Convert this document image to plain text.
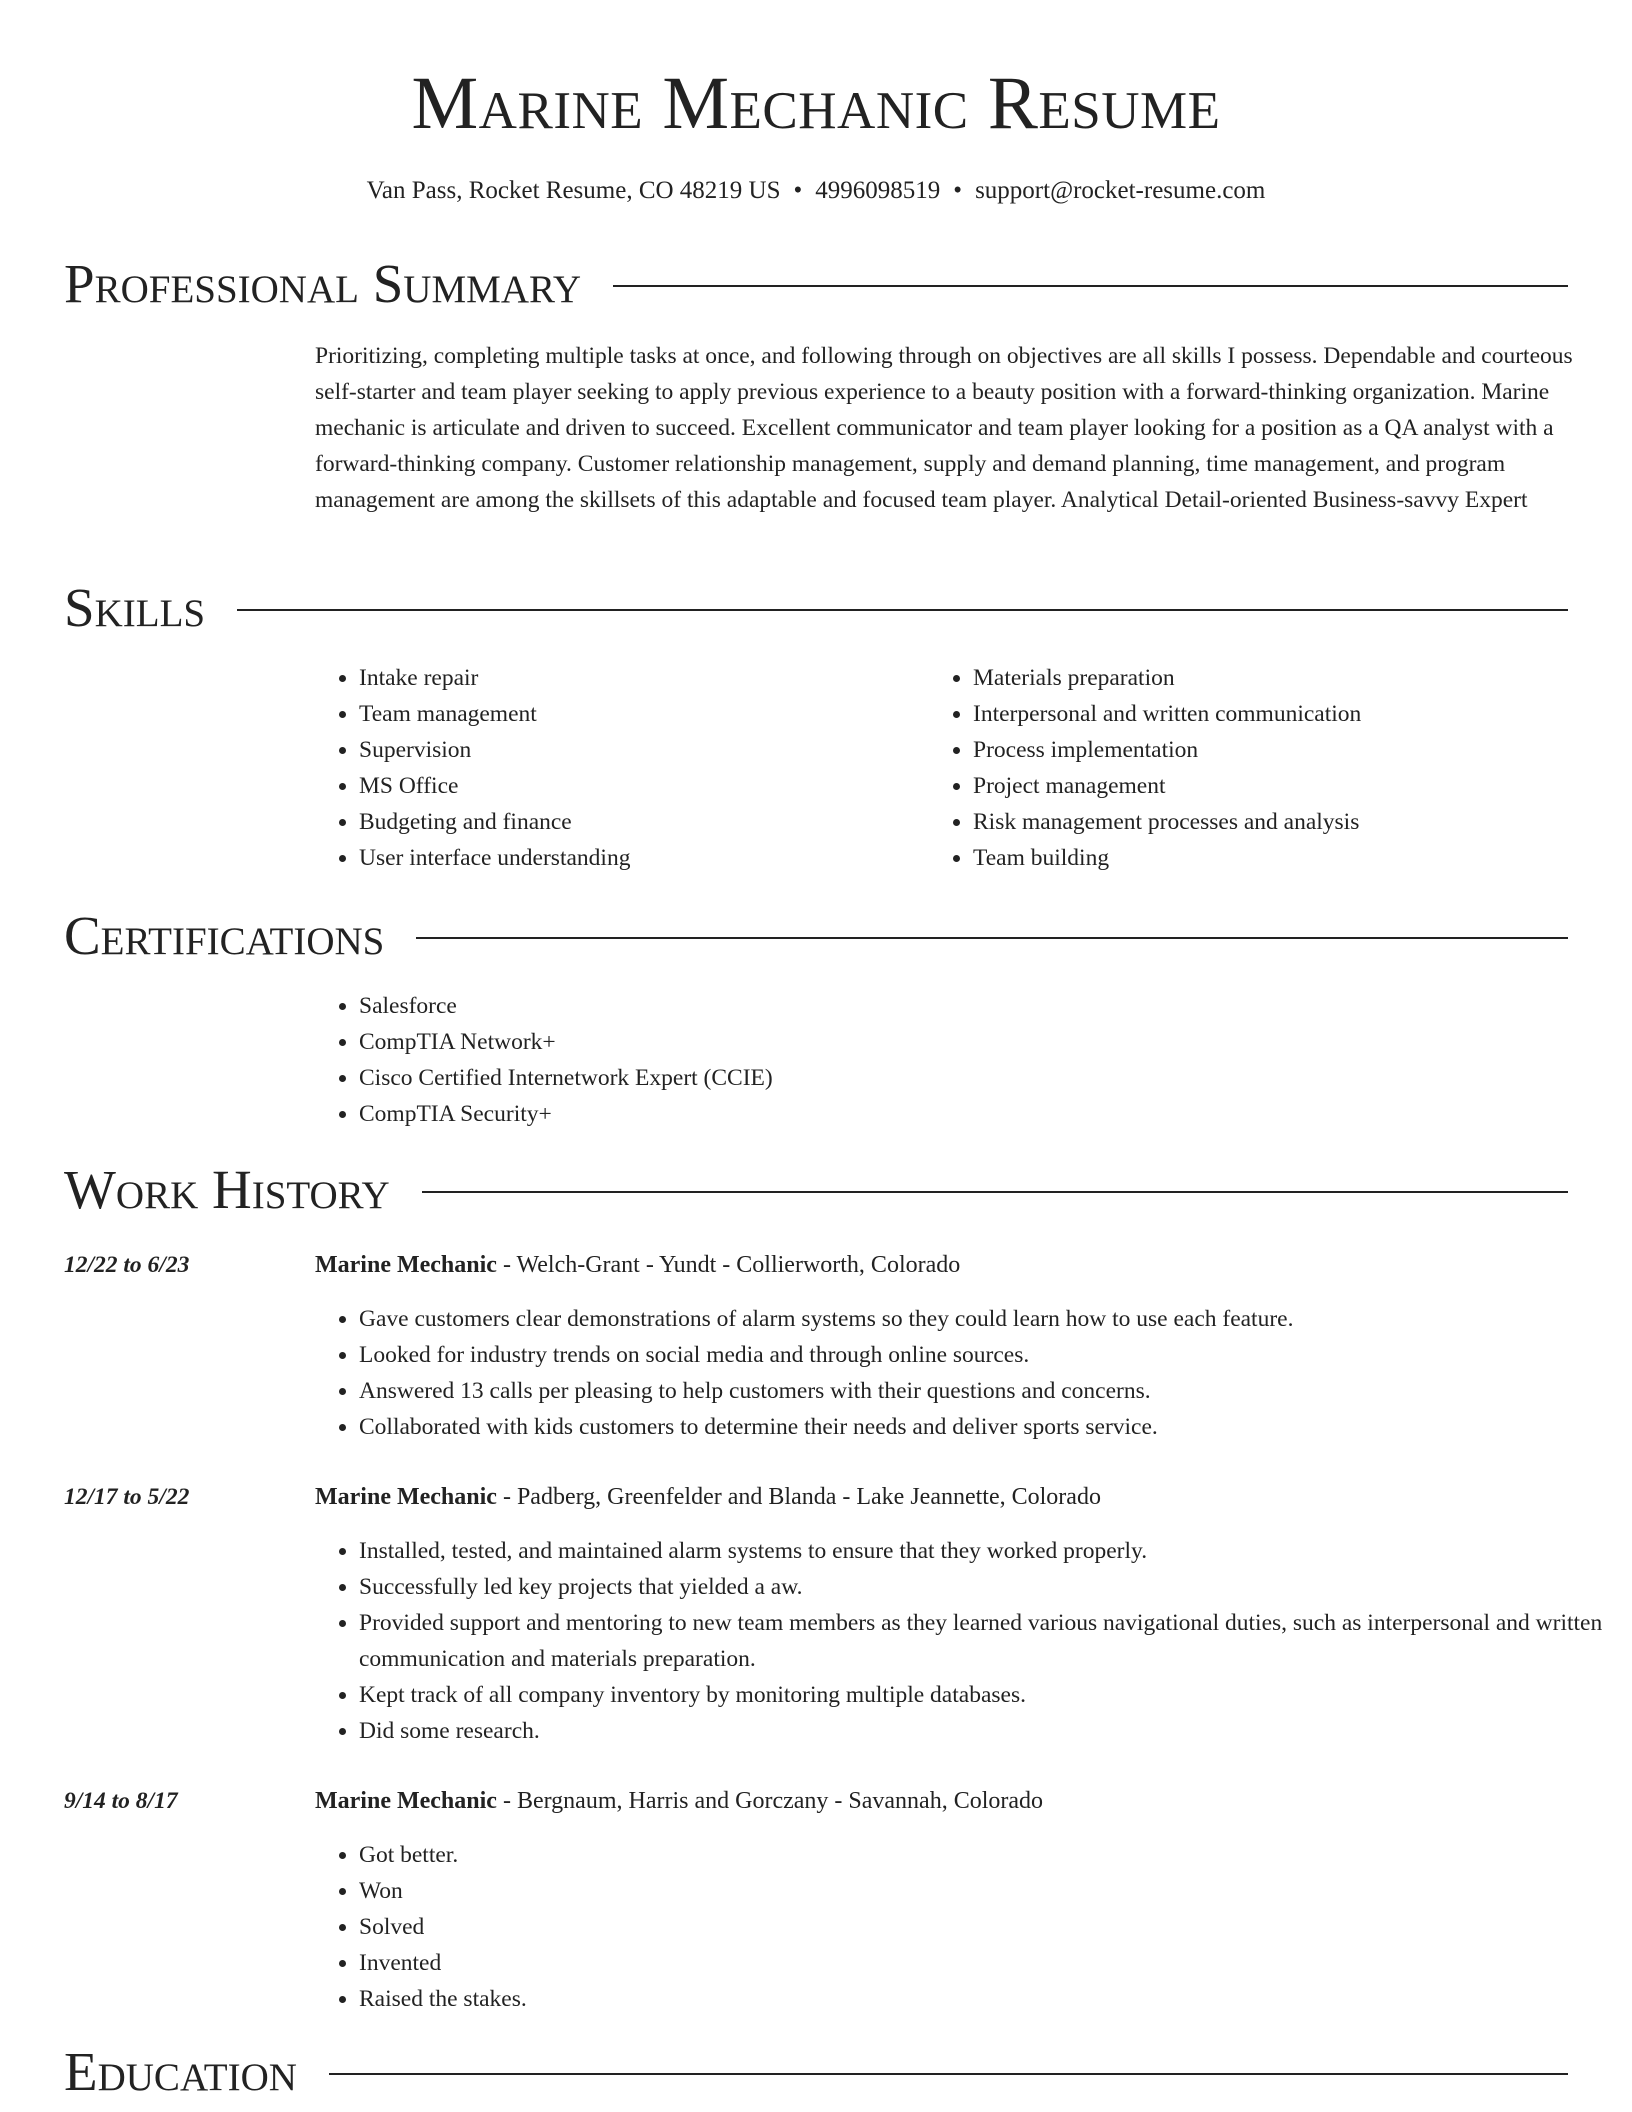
Marine Mechanic Resume
Van Pass, Rocket Resume, CO 48219 US • 4996098519 • support@rocket-resume.com
Professional Summary

Prioritizing, completing multiple tasks at once, and following through on objectives are all skills I possess. Dependable and courteous self-starter and team player seeking to apply previous experience to a beauty position with a forward-thinking organization. Marine mechanic is articulate and driven to succeed. Excellent communicator and team player looking for a position as a QA analyst with a forward-thinking company. Customer relationship management, supply and demand planning, time management, and program management are among the skillsets of this adaptable and focused team player. Analytical Detail-oriented Business-savvy Expert

Skills
• Intake repair
• Team management
• Supervision
• MS Office
• Budgeting and finance
• User interface understanding
• Materials preparation
• Interpersonal and written communication
• Process implementation
• Project management
• Risk management processes and analysis
• Team building
Certifications
• Salesforce
• CompTIA Network+
• Cisco Certified Internetwork Expert (CCIE)
• CompTIA Security+
Work History
12/22 to 6/23	Marine Mechanic - Welch-Grant - Yundt - Collierworth, Colorado
• Gave customers clear demonstrations of alarm systems so they could learn how to use each feature.
• Looked for industry trends on social media and through online sources.
• Answered 13 calls per pleasing to help customers with their questions and concerns.
• Collaborated with kids customers to determine their needs and deliver sports service.
12/17 to 5/22	Marine Mechanic - Padberg, Greenfelder and Blanda - Lake Jeannette, Colorado
• Installed, tested, and maintained alarm systems to ensure that they worked properly.
• Successfully led key projects that yielded a aw.
• Provided support and mentoring to new team members as they learned various navigational duties, such as interpersonal and written communication and materials preparation.
• Kept track of all company inventory by monitoring multiple databases.
• Did some research.
9/14 to 8/17	Marine Mechanic - Bergnaum, Harris and Gorczany - Savannah, Colorado
• Got better.
• Won
• Solved
• Invented
• Raised the stakes.
Education
